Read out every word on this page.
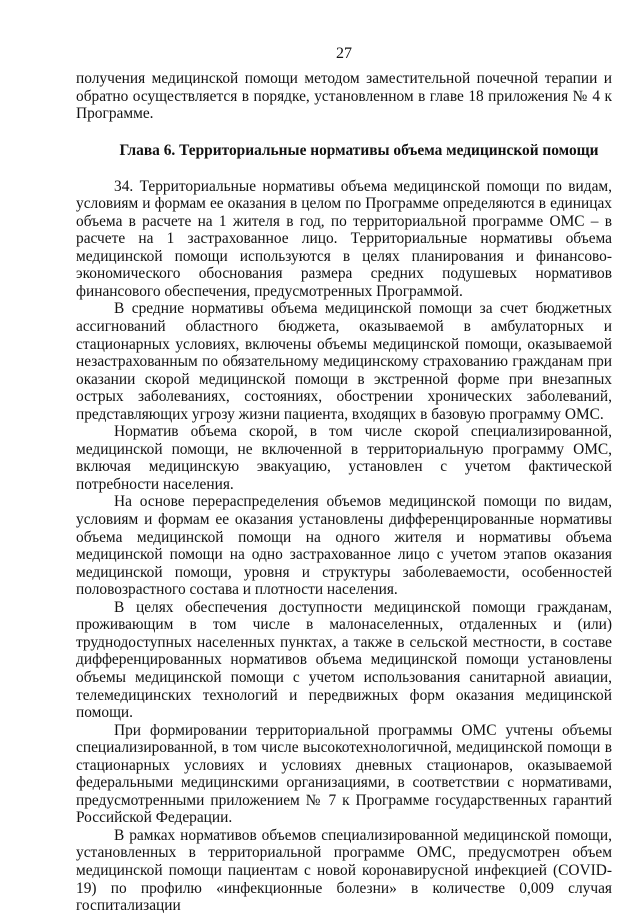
27

получения медицинской помощи методом заместительной почечной терапии и обратно осуществляется в порядке, установленном в главе 18 приложения № 4 к Программе.

Глава 6. Территориальные нормативы объема медицинской помощи

34. Территориальные нормативы объема медицинской помощи по видам, условиям и формам ее оказания в целом по Программе определяются в единицах объема в расчете на 1 жителя в год, по территориальной программе ОМС – в расчете на 1 застрахованное лицо. Территориальные нормативы объема медицинской помощи используются в целях планирования и финансово-экономического обоснования размера средних подушевых нормативов финансового обеспечения, предусмотренных Программой.

В средние нормативы объема медицинской помощи за счет бюджетных ассигнований областного бюджета, оказываемой в амбулаторных и стационарных условиях, включены объемы медицинской помощи, оказываемой незастрахованным по обязательному медицинскому страхованию гражданам при оказании скорой медицинской помощи в экстренной форме при внезапных острых заболеваниях, состояниях, обострении хронических заболеваний, представляющих угрозу жизни пациента, входящих в базовую программу ОМС.

Норматив объема скорой, в том числе скорой специализированной, медицинской помощи, не включенной в территориальную программу ОМС, включая медицинскую эвакуацию, установлен с учетом фактической потребности населения.

На основе перераспределения объемов медицинской помощи по видам, условиям и формам ее оказания установлены дифференцированные нормативы объема медицинской помощи на одного жителя и нормативы объема медицинской помощи на одно застрахованное лицо с учетом этапов оказания медицинской помощи, уровня и структуры заболеваемости, особенностей половозрастного состава и плотности населения.

В целях обеспечения доступности медицинской помощи гражданам, проживающим в том числе в малонаселенных, отдаленных и (или) труднодоступных населенных пунктах, а также в сельской местности, в составе дифференцированных нормативов объема медицинской помощи установлены объемы медицинской помощи с учетом использования санитарной авиации, телемедицинских технологий и передвижных форм оказания медицинской помощи.

При формировании территориальной программы ОМС учтены объемы специализированной, в том числе высокотехнологичной, медицинской помощи в стационарных условиях и условиях дневных стационаров, оказываемой федеральными медицинскими организациями, в соответствии с нормативами, предусмотренными приложением № 7 к Программе государственных гарантий Российской Федерации.

В рамках нормативов объемов специализированной медицинской помощи, установленных в территориальной программе ОМС, предусмотрен объем медицинской помощи пациентам с новой коронавирусной инфекцией (COVID-19) по профилю «инфекционные болезни» в количестве 0,009 случая госпитализации
